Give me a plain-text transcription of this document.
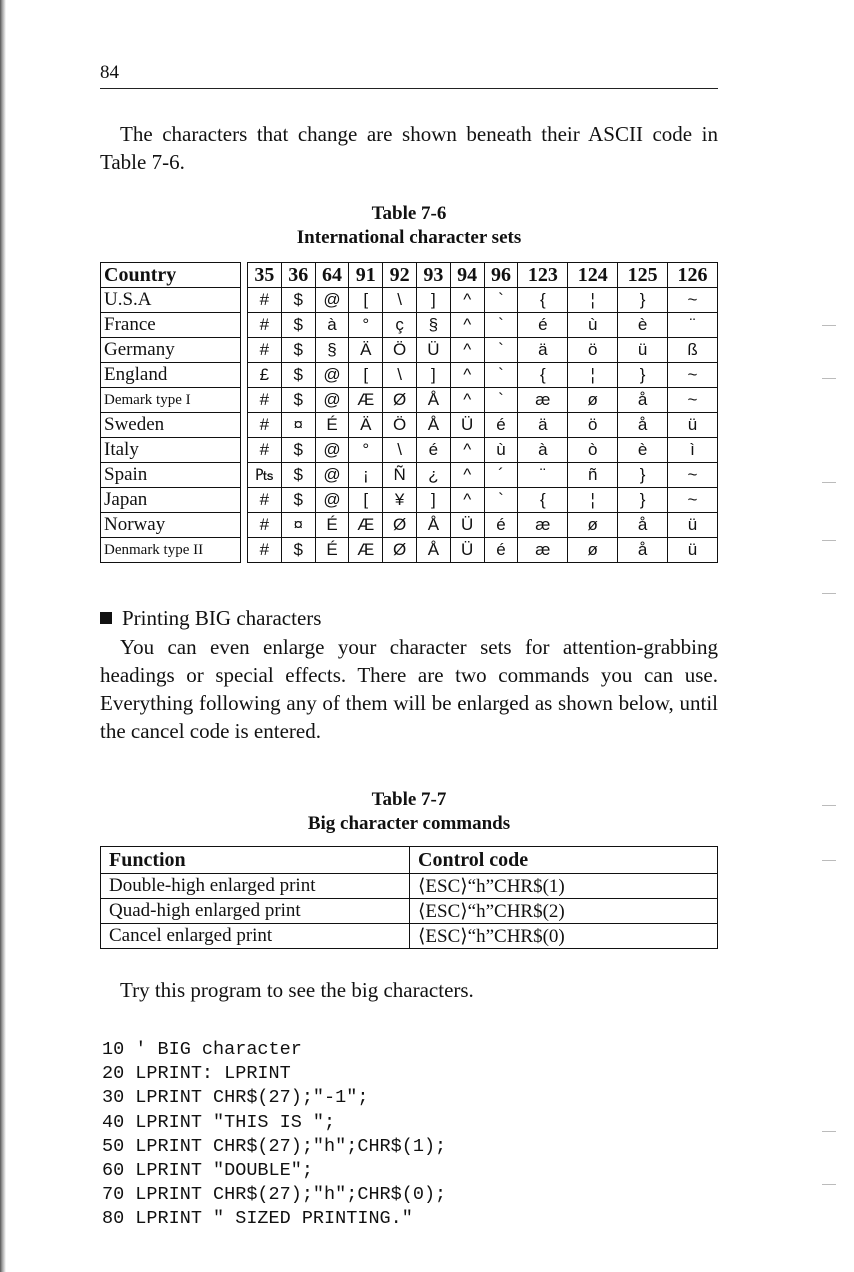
84

The characters that change are shown beneath their ASCII code in Table 7-6.

Table 7-6
International character sets
Country		35	36	64	91	92	93	94	96	123	124	125	126
U.S.A		#	$	@	[	\	]	^	`	{	¦	}	~
France		#	$	à	°	ç	§	^	`	é	ù	è	¨
Germany		#	$	§	Ä	Ö	Ü	^	`	ä	ö	ü	ß
England		£	$	@	[	\	]	^	`	{	¦	}	~
Demark type I		#	$	@	Æ	Ø	Å	^	`	æ	ø	å	~
Sweden		#	¤	É	Ä	Ö	Å	Ü	é	ä	ö	å	ü
Italy		#	$	@	°	\	é	^	ù	à	ò	è	ì
Spain		₧	$	@	¡	Ñ	¿	^	´	¨	ñ	}	~
Japan		#	$	@	[	¥	]	^	`	{	¦	}	~
Norway		#	¤	É	Æ	Ø	Å	Ü	é	æ	ø	å	ü
Denmark type II		#	$	É	Æ	Ø	Å	Ü	é	æ	ø	å	ü

Printing BIG characters

You can even enlarge your character sets for attention-grabbing headings or special effects. There are two commands you can use. Everything following any of them will be enlarged as shown below, until the cancel code is entered.

Table 7-7
Big character commands
Function	Control code
Double-high enlarged print	⟨ESC⟩“h”CHR$(1)
Quad-high enlarged print	⟨ESC⟩“h”CHR$(2)
Cancel enlarged print	⟨ESC⟩“h”CHR$(0)

Try this program to see the big characters.

10 ' BIG character
20 LPRINT: LPRINT
30 LPRINT CHR$(27);"-1";
40 LPRINT "THIS IS ";
50 LPRINT CHR$(27);"h";CHR$(1);
60 LPRINT "DOUBLE";
70 LPRINT CHR$(27);"h";CHR$(0);
80 LPRINT " SIZED PRINTING."
